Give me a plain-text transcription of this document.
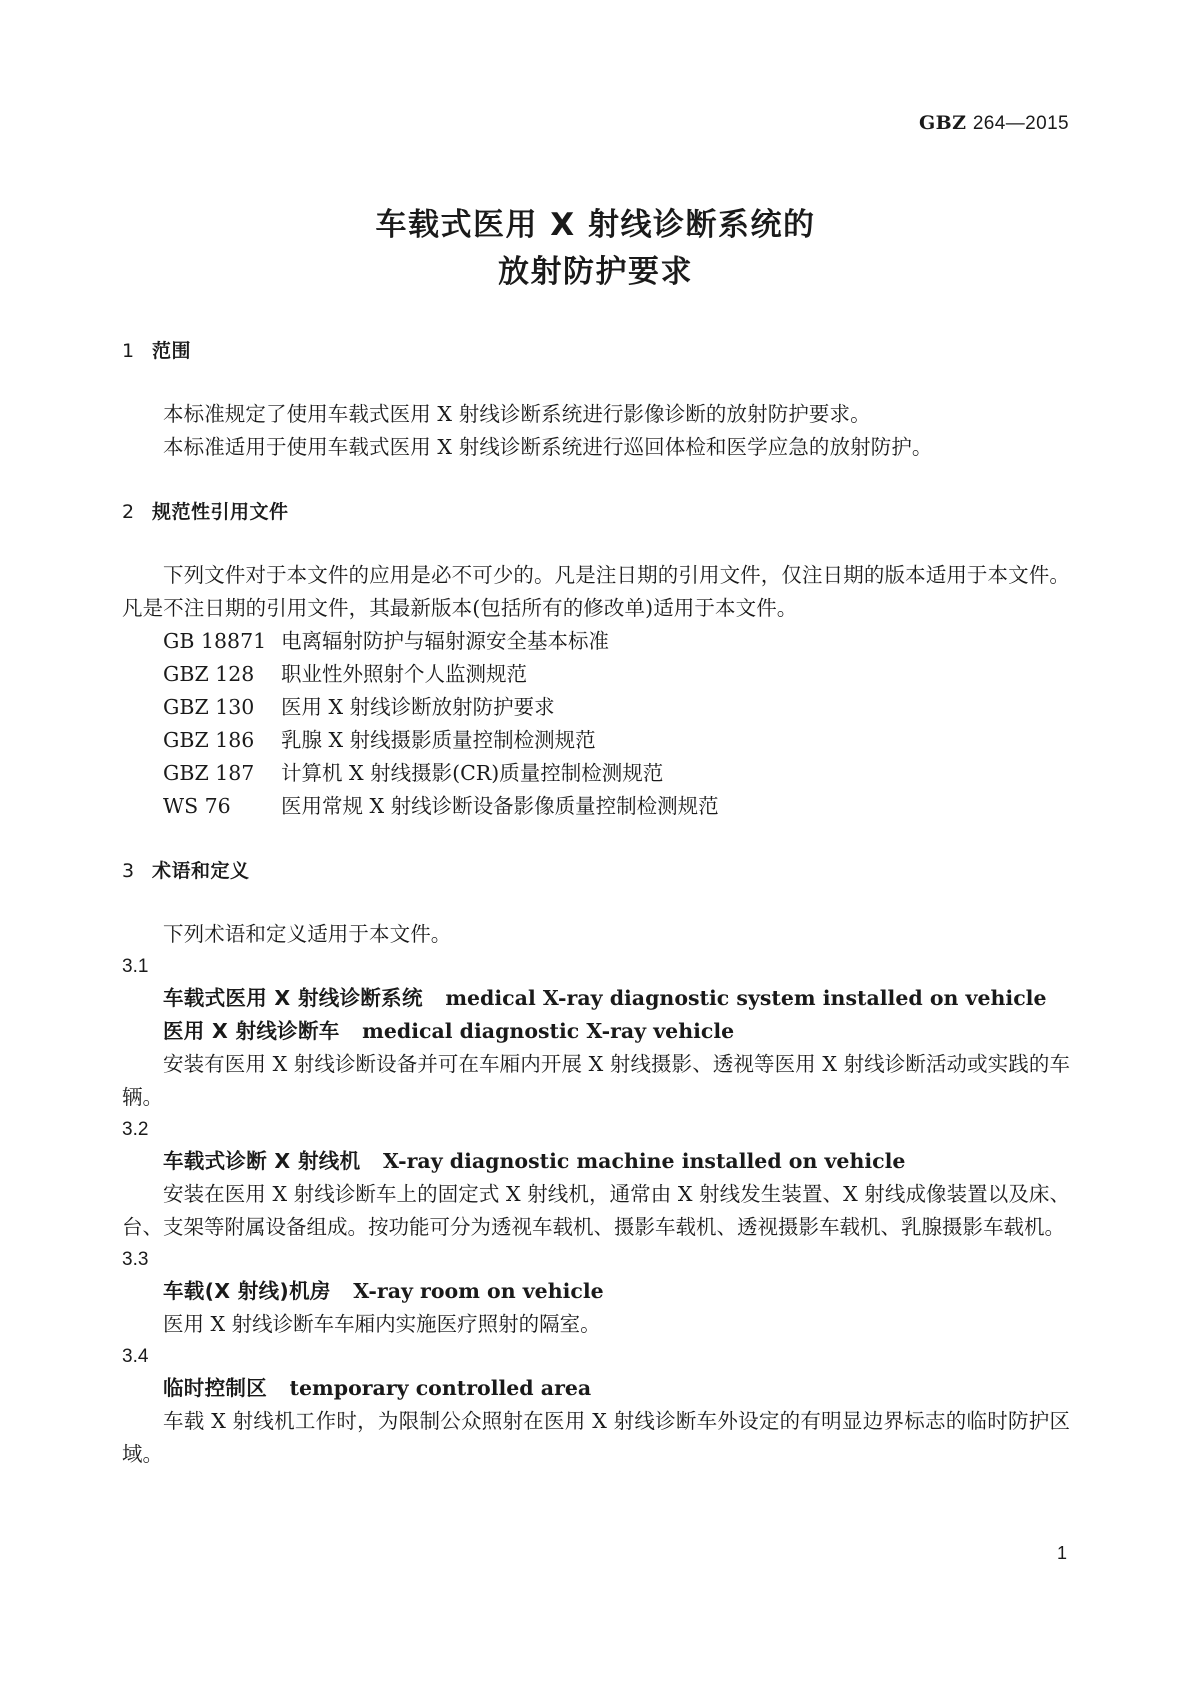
GBZ 264—2015
车载式医用 X 射线诊断系统的
放射防护要求

1 范围

本标准规定了使用车载式医用 X 射线诊断系统进行影像诊断的放射防护要求。

本标准适用于使用车载式医用 X 射线诊断系统进行巡回体检和医学应急的放射防护。

2 规范性引用文件

下列文件对于本文件的应用是必不可少的。凡是注日期的引用文件，仅注日期的版本适用于本文件。凡是不注日期的引用文件，其最新版本(包括所有的修改单)适用于本文件。

GB 18871 电离辐射防护与辐射源安全基本标准

GBZ 128 职业性外照射个人监测规范

GBZ 130 医用 X 射线诊断放射防护要求

GBZ 186 乳腺 X 射线摄影质量控制检测规范

GBZ 187 计算机 X 射线摄影(CR)质量控制检测规范

WS 76 医用常规 X 射线诊断设备影像质量控制检测规范

3 术语和定义

下列术语和定义适用于本文件。

3.1

车载式医用 X 射线诊断系统 medical X-ray diagnostic system installed on vehicle

医用 X 射线诊断车 medical diagnostic X-ray vehicle

安装有医用 X 射线诊断设备并可在车厢内开展 X 射线摄影、透视等医用 X 射线诊断活动或实践的车辆。

3.2

车载式诊断 X 射线机 X-ray diagnostic machine installed on vehicle

安装在医用 X 射线诊断车上的固定式 X 射线机，通常由 X 射线发生装置、X 射线成像装置以及床、台、支架等附属设备组成。按功能可分为透视车载机、摄影车载机、透视摄影车载机、乳腺摄影车载机。

3.3

车载(X 射线)机房 X-ray room on vehicle

医用 X 射线诊断车车厢内实施医疗照射的隔室。

3.4

临时控制区 temporary controlled area

车载 X 射线机工作时，为限制公众照射在医用 X 射线诊断车外设定的有明显边界标志的临时防护区域。

1
